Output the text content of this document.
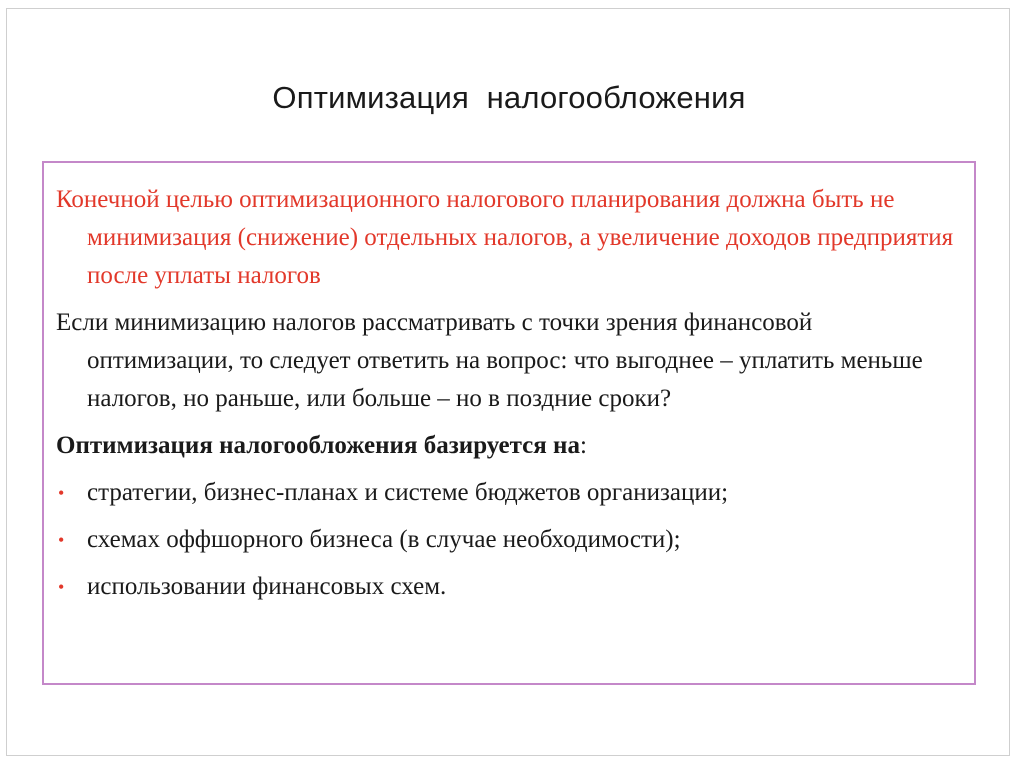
Оптимизация  налогообложения

Конечной целью оптимизационного налогового планирования должна быть не минимизация (снижение) отдельных налогов, а увеличение доходов предприятия после уплаты налогов

Если минимизацию налогов рассматривать с точки зрения финансовой оптимизации, то следует ответить на вопрос: что выгоднее – уплатить меньше налогов, но раньше, или больше – но в поздние сроки?

Оптимизация налогообложения базируется на:

• стратегии, бизнес-планах и системе бюджетов организации;
• схемах оффшорного бизнеса (в случае необходимости);
• использовании финансовых схем.
